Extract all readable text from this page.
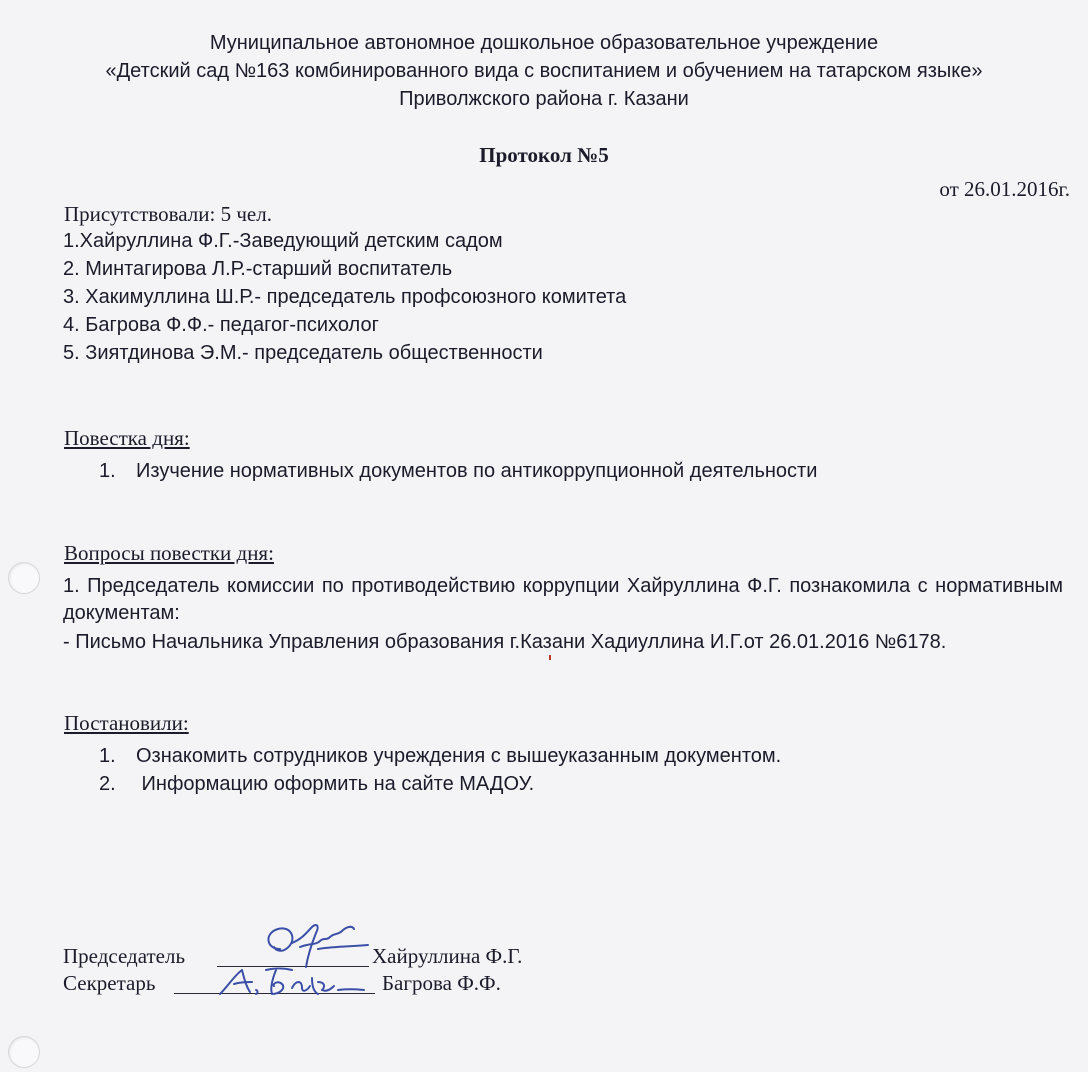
Муниципальное автономное дошкольное образовательное учреждение
«Детский сад №163 комбинированного вида с воспитанием и обучением на татарском языке»
Приволжского района г. Казани
Протокол №5
от 26.01.2016г.
Присутствовали: 5 чел.
1.Хайруллина Ф.Г.-Заведующий детским садом
2. Минтагирова Л.Р.-старший воспитатель
3. Хакимуллина Ш.Р.- председатель профсоюзного комитета
4. Багрова Ф.Ф.- педагог-психолог
5. Зиятдинова Э.М.- председатель общественности
Повестка дня:
1. Изучение нормативных документов по антикоррупционной деятельности
Вопросы повестки дня:
1. Председатель комиссии по противодействию коррупции Хайруллина Ф.Г. познакомила с нормативным документам:
- Письмо Начальника Управления образования г.Казани Хадиуллина И.Г.от 26.01.2016 №6178.
Постановили:
1. Ознакомить сотрудников учреждения с вышеуказанным документом.
2. Информацию оформить на сайте МАДОУ.
Председатель	Хайруллина Ф.Г.
Секретарь	Багрова Ф.Ф.
